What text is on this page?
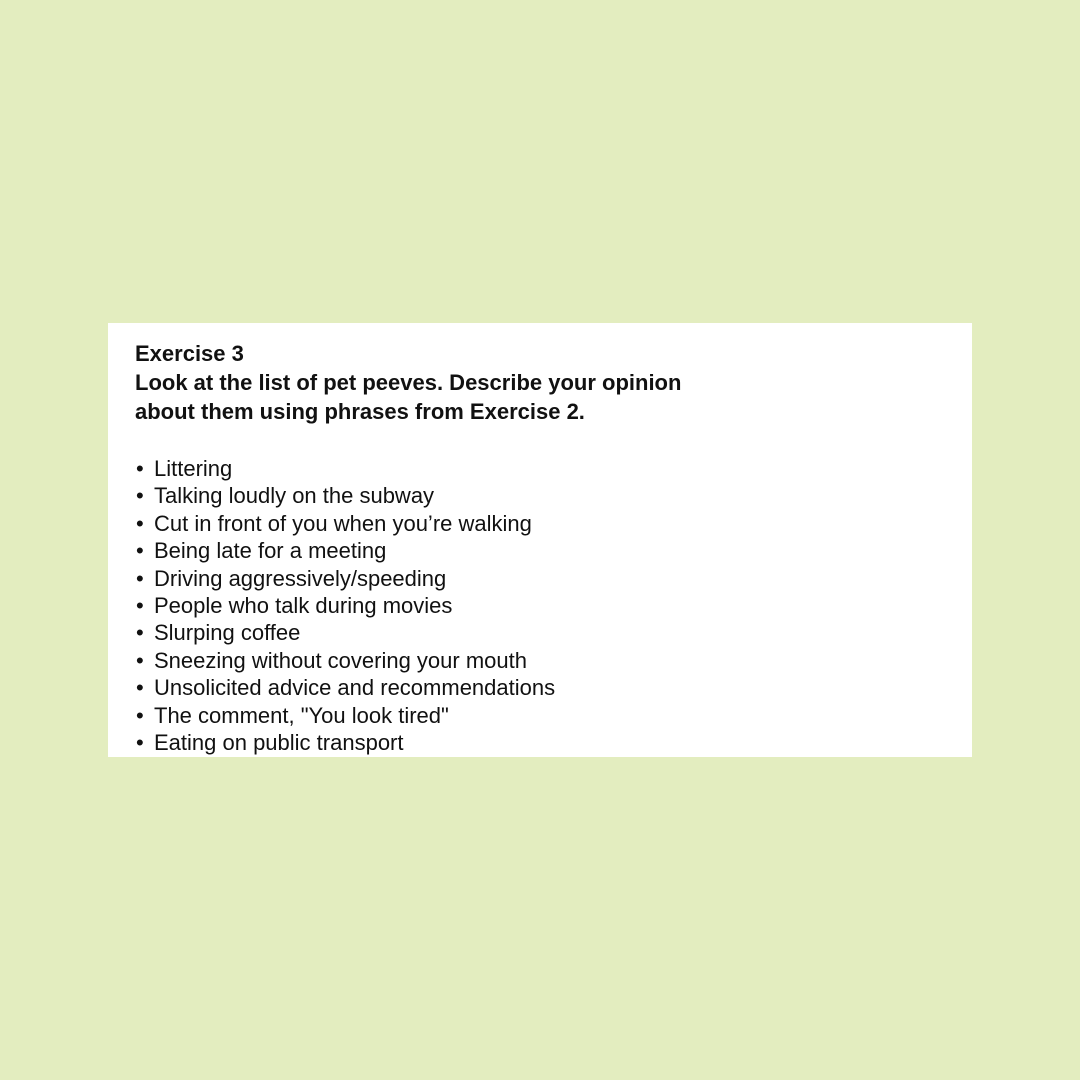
Exercise 3
Look at the list of pet peeves. Describe your opinion
about them using phrases from Exercise 2.
• Littering
• Talking loudly on the subway
• Cut in front of you when you’re walking
• Being late for a meeting
• Driving aggressively/speeding
• People who talk during movies
• Slurping coffee
• Sneezing without covering your mouth
• Unsolicited advice and recommendations
• The comment, "You look tired"
• Eating on public transport
